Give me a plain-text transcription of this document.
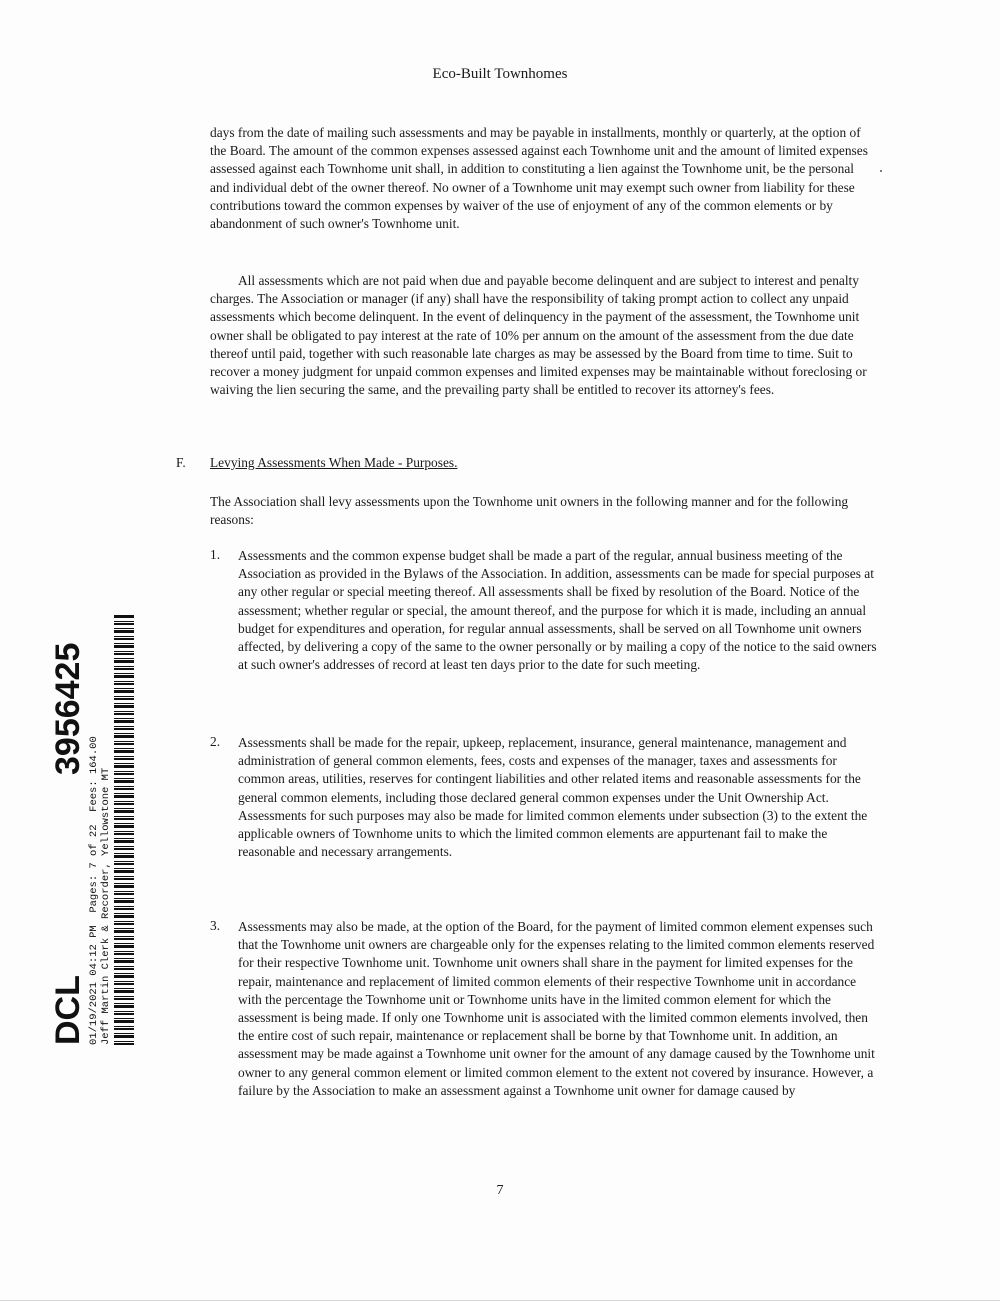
Eco-Built Townhomes
days from the date of mailing such assessments and may be payable in installments, monthly or quarterly, at the option of the Board. The amount of the common expenses assessed against each Townhome unit and the amount of limited expenses assessed against each Townhome unit shall, in addition to constituting a lien against the Townhome unit, be the personal and individual debt of the owner thereof. No owner of a Townhome unit may exempt such owner from liability for these contributions toward the common expenses by waiver of the use of enjoyment of any of the common elements or by abandonment of such owner's Townhome unit.
All assessments which are not paid when due and payable become delinquent and are subject to interest and penalty charges. The Association or manager (if any) shall have the responsibility of taking prompt action to collect any unpaid assessments which become delinquent. In the event of delinquency in the payment of the assessment, the Townhome unit owner shall be obligated to pay interest at the rate of 10% per annum on the amount of the assessment from the due date thereof until paid, together with such reasonable late charges as may be assessed by the Board from time to time. Suit to recover a money judgment for unpaid common expenses and limited expenses may be maintainable without foreclosing or waiving the lien securing the same, and the prevailing party shall be entitled to recover its attorney's fees.
F. Levying Assessments When Made - Purposes.
The Association shall levy assessments upon the Townhome unit owners in the following manner and for the following reasons:
1. Assessments and the common expense budget shall be made a part of the regular, annual business meeting of the Association as provided in the Bylaws of the Association. In addition, assessments can be made for special purposes at any other regular or special meeting thereof. All assessments shall be fixed by resolution of the Board. Notice of the assessment; whether regular or special, the amount thereof, and the purpose for which it is made, including an annual budget for expenditures and operation, for regular annual assessments, shall be served on all Townhome unit owners affected, by delivering a copy of the same to the owner personally or by mailing a copy of the notice to the said owners at such owner's addresses of record at least ten days prior to the date for such meeting.
2. Assessments shall be made for the repair, upkeep, replacement, insurance, general maintenance, management and administration of general common elements, fees, costs and expenses of the manager, taxes and assessments for common areas, utilities, reserves for contingent liabilities and other related items and reasonable assessments for the general common elements, including those declared general common expenses under the Unit Ownership Act. Assessments for such purposes may also be made for limited common elements under subsection (3) to the extent the applicable owners of Townhome units to which the limited common elements are appurtenant fail to make the reasonable and necessary arrangements.
3. Assessments may also be made, at the option of the Board, for the payment of limited common element expenses such that the Townhome unit owners are chargeable only for the expenses relating to the limited common elements reserved for their respective Townhome unit. Townhome unit owners shall share in the payment for limited expenses for the repair, maintenance and replacement of limited common elements of their respective Townhome unit in accordance with the percentage the Townhome unit or Townhome units have in the limited common element for which the assessment is being made. If only one Townhome unit is associated with the limited common elements involved, then the entire cost of such repair, maintenance or replacement shall be borne by that Townhome unit. In addition, an assessment may be made against a Townhome unit owner for the amount of any damage caused by the Townhome unit owner to any general common element or limited common element to the extent not covered by insurance. However, a failure by the Association to make an assessment against a Townhome unit owner for damage caused by
7
DCL
3956425
01/19/2021 04:12 PM  Pages: 7 of 22  Fees: 164.00 Jeff Martin Clerk & Recorder, Yellowstone MT
